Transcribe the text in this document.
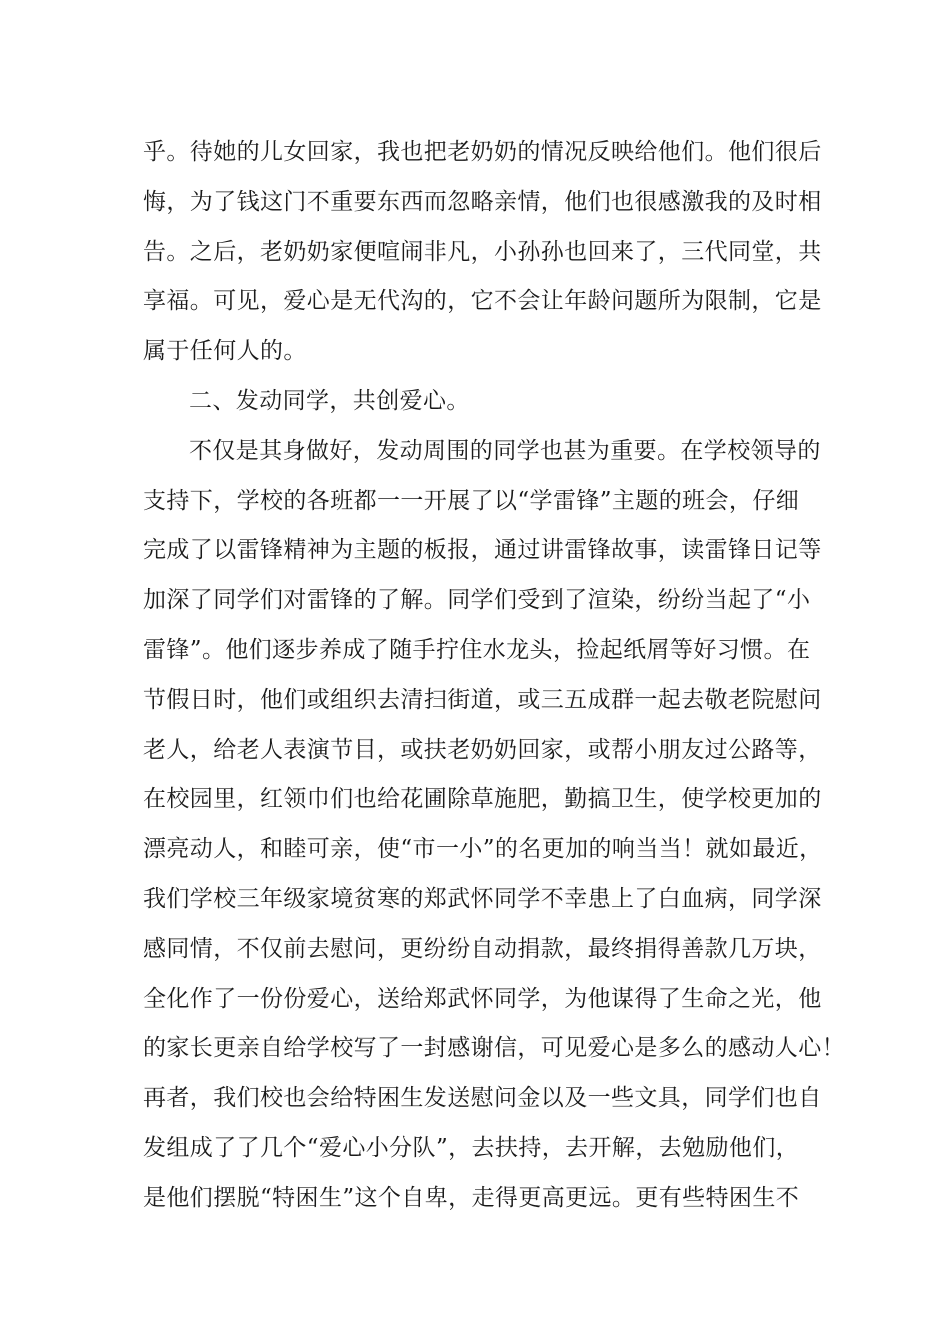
乎。待她的儿女回家，我也把老奶奶的情况反映给他们。他们很后
悔，为了钱这门不重要东西而忽略亲情，他们也很感激我的及时相
告。之后，老奶奶家便喧闹非凡，小孙孙也回来了，三代同堂，共
享福。可见，爱心是无代沟的，它不会让年龄问题所为限制，它是
属于任何人的。
二、发动同学，共创爱心。
不仅是其身做好，发动周围的同学也甚为重要。在学校领导的
支持下，学校的各班都一一开展了以“学雷锋”主题的班会，仔细
完成了以雷锋精神为主题的板报，通过讲雷锋故事，读雷锋日记等
加深了同学们对雷锋的了解。同学们受到了渲染，纷纷当起了“小
雷锋”。他们逐步养成了随手拧住水龙头，捡起纸屑等好习惯。在
节假日时，他们或组织去清扫街道，或三五成群一起去敬老院慰问
老人，给老人表演节目，或扶老奶奶回家，或帮小朋友过公路等，
在校园里，红领巾们也给花圃除草施肥，勤搞卫生，使学校更加的
漂亮动人，和睦可亲，使“市一小”的名更加的响当当！就如最近，
我们学校三年级家境贫寒的郑武怀同学不幸患上了白血病，同学深
感同情，不仅前去慰问，更纷纷自动捐款，最终捐得善款几万块，
全化作了一份份爱心，送给郑武怀同学，为他谋得了生命之光，他
的家长更亲自给学校写了一封感谢信，可见爱心是多么的感动人心！
再者，我们校也会给特困生发送慰问金以及一些文具，同学们也自
发组成了了几个“爱心小分队”，去扶持，去开解，去勉励他们，
是他们摆脱“特困生”这个自卑，走得更高更远。更有些特困生不
